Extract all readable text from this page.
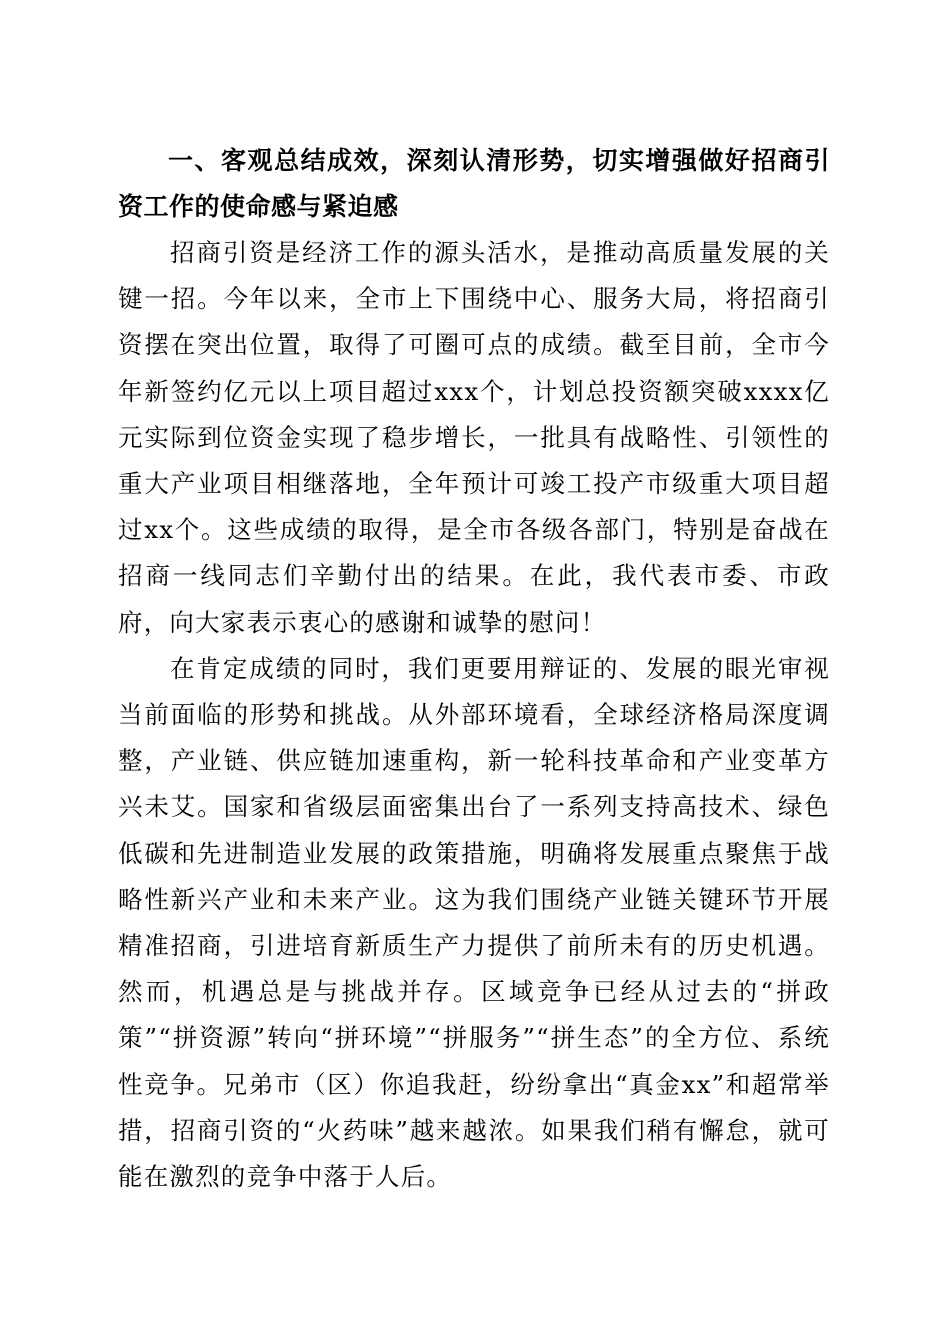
一、客观总结成效，深刻认清形势，切实增强做好招商引资工作的使命感与紧迫感

招商引资是经济工作的源头活水，是推动高质量发展的关键一招。今年以来，全市上下围绕中心、服务大局，将招商引资摆在突出位置，取得了可圈可点的成绩。截至目前，全市今年新签约亿元以上项目超过xxx个，计划总投资额突破xxxx亿元实际到位资金实现了稳步增长，一批具有战略性、引领性的重大产业项目相继落地，全年预计可竣工投产市级重大项目超过xx个。这些成绩的取得，是全市各级各部门，特别是奋战在招商一线同志们辛勤付出的结果。在此，我代表市委、市政府，向大家表示衷心的感谢和诚挚的慰问！

在肯定成绩的同时，我们更要用辩证的、发展的眼光审视当前面临的形势和挑战。从外部环境看，全球经济格局深度调整，产业链、供应链加速重构，新一轮科技革命和产业变革方兴未艾。国家和省级层面密集出台了一系列支持高技术、绿色低碳和先进制造业发展的政策措施，明确将发展重点聚焦于战略性新兴产业和未来产业。这为我们围绕产业链关键环节开展精准招商，引进培育新质生产力提供了前所未有的历史机遇。然而，机遇总是与挑战并存。区域竞争已经从过去的“拼政策”“拼资源”转向“拼环境”“拼服务”“拼生态”的全方位、系统性竞争。兄弟市（区）你追我赶，纷纷拿出“真金xx”和超常举措，招商引资的“火药味”越来越浓。如果我们稍有懈怠，就可能在激烈的竞争中落于人后。
